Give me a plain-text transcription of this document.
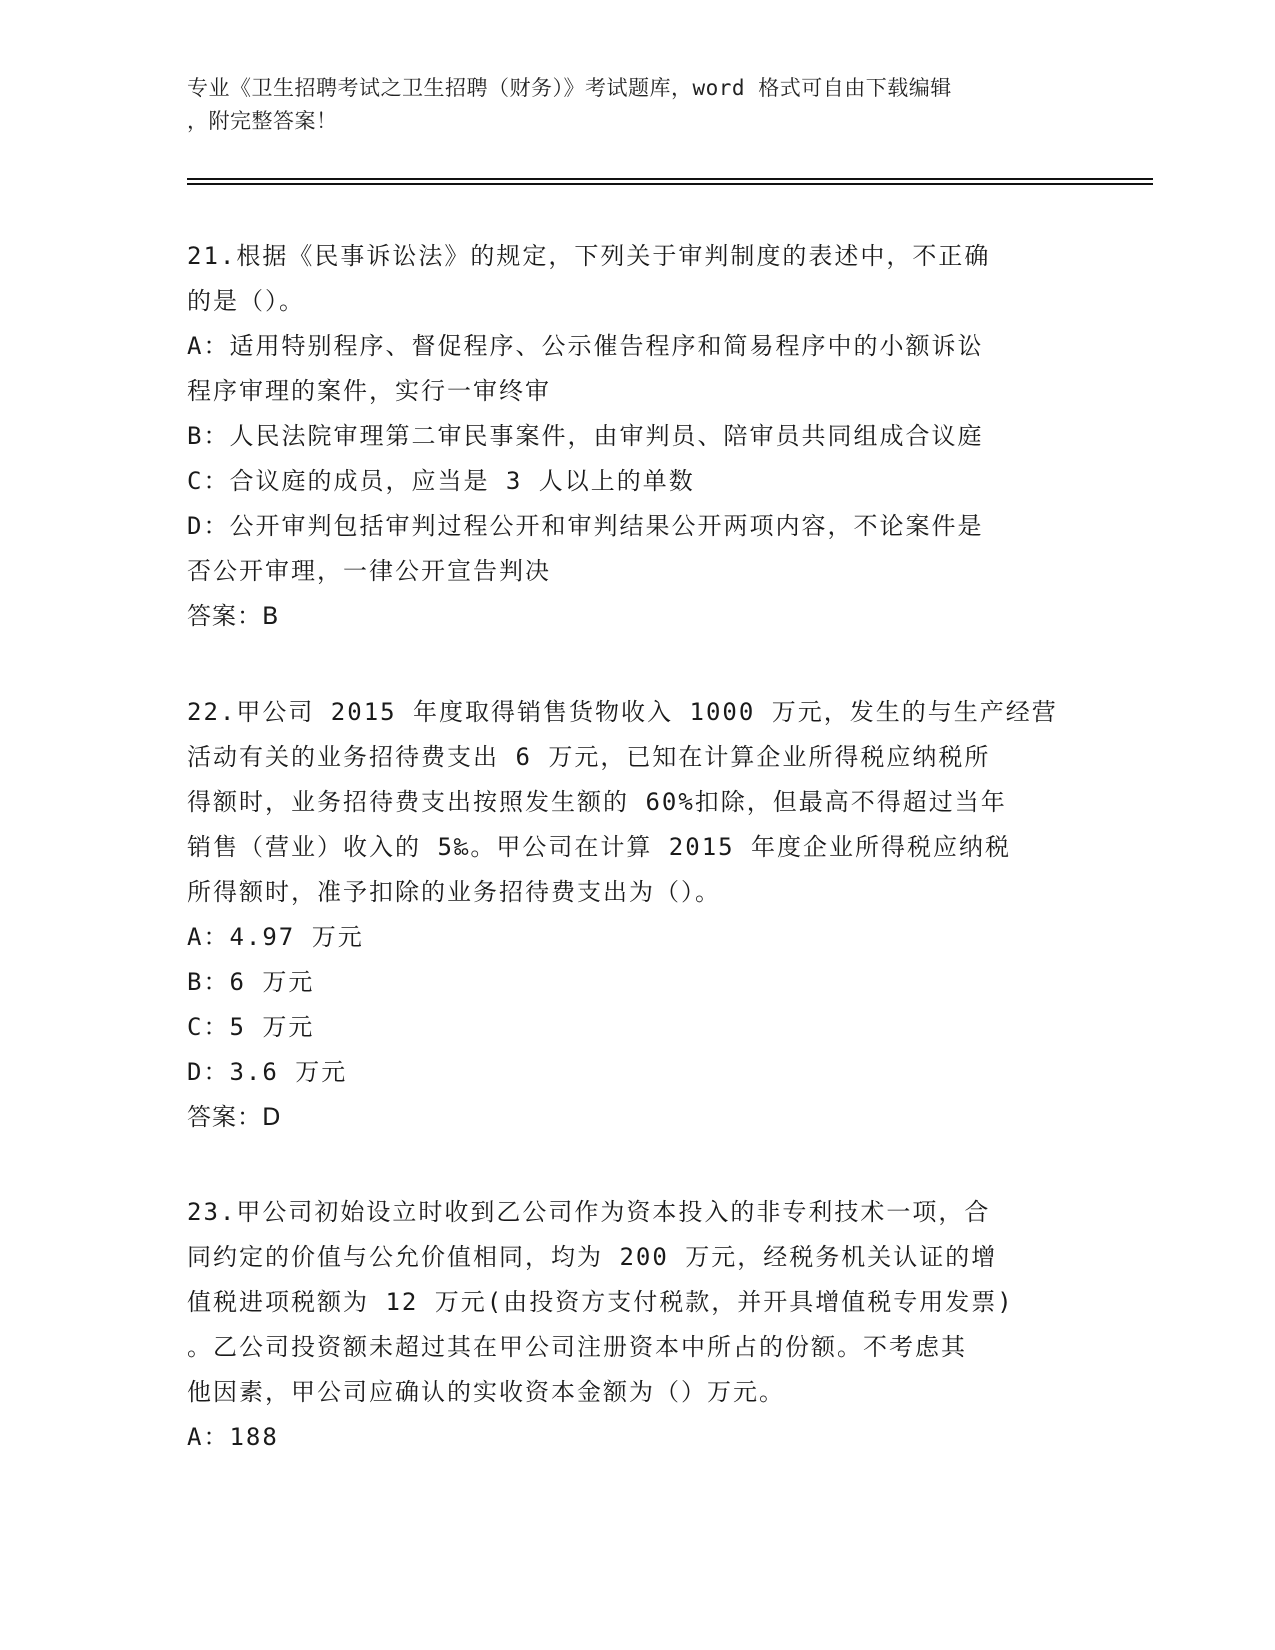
专业《卫生招聘考试之卫生招聘（财务）》考试题库，word 格式可自由下载编辑
，附完整答案！

21.根据《民事诉讼法》的规定，下列关于审判制度的表述中，不正确

的是（）。

A：适用特别程序、督促程序、公示催告程序和简易程序中的小额诉讼

程序审理的案件，实行一审终审

B：人民法院审理第二审民事案件，由审判员、陪审员共同组成合议庭

C：合议庭的成员，应当是 3 人以上的单数

D：公开审判包括审判过程公开和审判结果公开两项内容，不论案件是

否公开审理，一律公开宣告判决

答案：B

22.甲公司 2015 年度取得销售货物收入 1000 万元，发生的与生产经营

活动有关的业务招待费支出 6 万元，已知在计算企业所得税应纳税所

得额时，业务招待费支出按照发生额的 60%扣除，但最高不得超过当年

销售（营业）收入的 5‰。甲公司在计算 2015 年度企业所得税应纳税

所得额时，准予扣除的业务招待费支出为（）。

A：4.97 万元

B：6 万元

C：5 万元

D：3.6 万元

答案：D

23.甲公司初始设立时收到乙公司作为资本投入的非专利技术一项，合

同约定的价值与公允价值相同，均为 200 万元，经税务机关认证的增

值税进项税额为 12 万元(由投资方支付税款，并开具增值税专用发票)

。乙公司投资额未超过其在甲公司注册资本中所占的份额。不考虑其

他因素，甲公司应确认的实收资本金额为（）万元。

A：188
